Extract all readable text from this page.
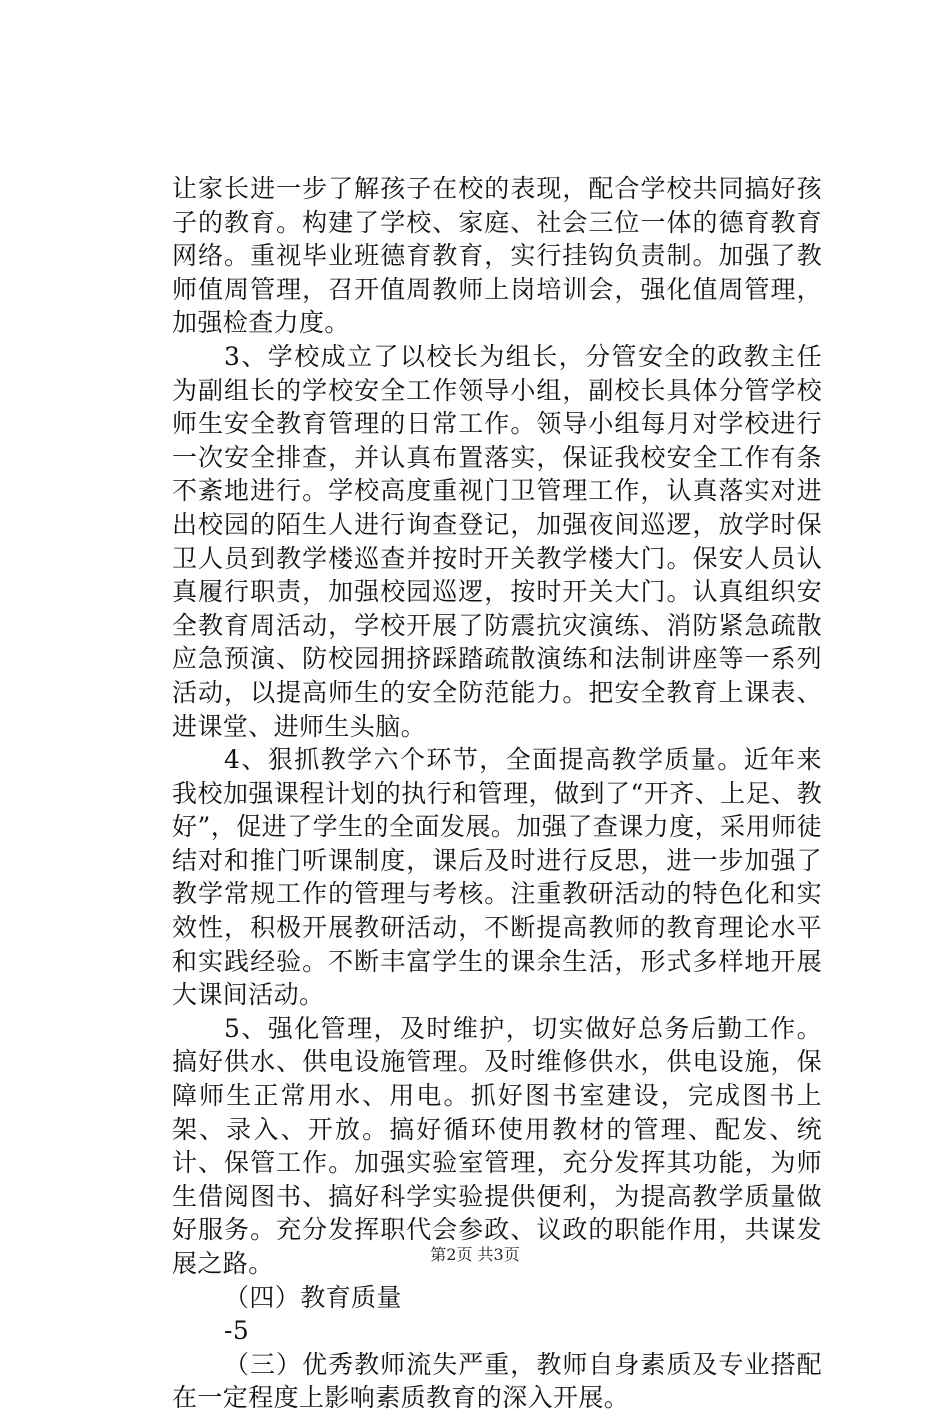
让家长进一步了解孩子在校的表现，配合学校共同搞好孩子的教育。构建了学校、家庭、社会三位一体的德育教育网络。重视毕业班德育教育，实行挂钩负责制。加强了教师值周管理，召开值周教师上岗培训会，强化值周管理，加强检查力度。

3、学校成立了以校长为组长，分管安全的政教主任为副组长的学校安全工作领导小组，副校长具体分管学校师生安全教育管理的日常工作。领导小组每月对学校进行一次安全排查，并认真布置落实，保证我校安全工作有条不紊地进行。学校高度重视门卫管理工作，认真落实对进出校园的陌生人进行询查登记，加强夜间巡逻，放学时保卫人员到教学楼巡查并按时开关教学楼大门。保安人员认真履行职责，加强校园巡逻，按时开关大门。认真组织安全教育周活动，学校开展了防震抗灾演练、消防紧急疏散应急预演、防校园拥挤踩踏疏散演练和法制讲座等一系列活动，以提高师生的安全防范能力。把安全教育上课表、进课堂、进师生头脑。

4、狠抓教学六个环节，全面提高教学质量。近年来我校加强课程计划的执行和管理，做到了“开齐、上足、教好”，促进了学生的全面发展。加强了查课力度，采用师徒结对和推门听课制度，课后及时进行反思，进一步加强了教学常规工作的管理与考核。注重教研活动的特色化和实效性，积极开展教研活动，不断提高教师的教育理论水平和实践经验。不断丰富学生的课余生活，形式多样地开展大课间活动。

5、强化管理，及时维护，切实做好总务后勤工作。搞好供水、供电设施管理。及时维修供水，供电设施，保障师生正常用水、用电。抓好图书室建设，完成图书上架、录入、开放。搞好循环使用教材的管理、配发、统计、保管工作。加强实验室管理，充分发挥其功能，为师生借阅图书、搞好科学实验提供便利，为提高教学质量做好服务。充分发挥职代会参政、议政的职能作用，共谋发展之路。

（四）教育质量

-5

（三）优秀教师流失严重，教师自身素质及专业搭配在一定程度上影响素质教育的深入开展。

第2页 共3页
